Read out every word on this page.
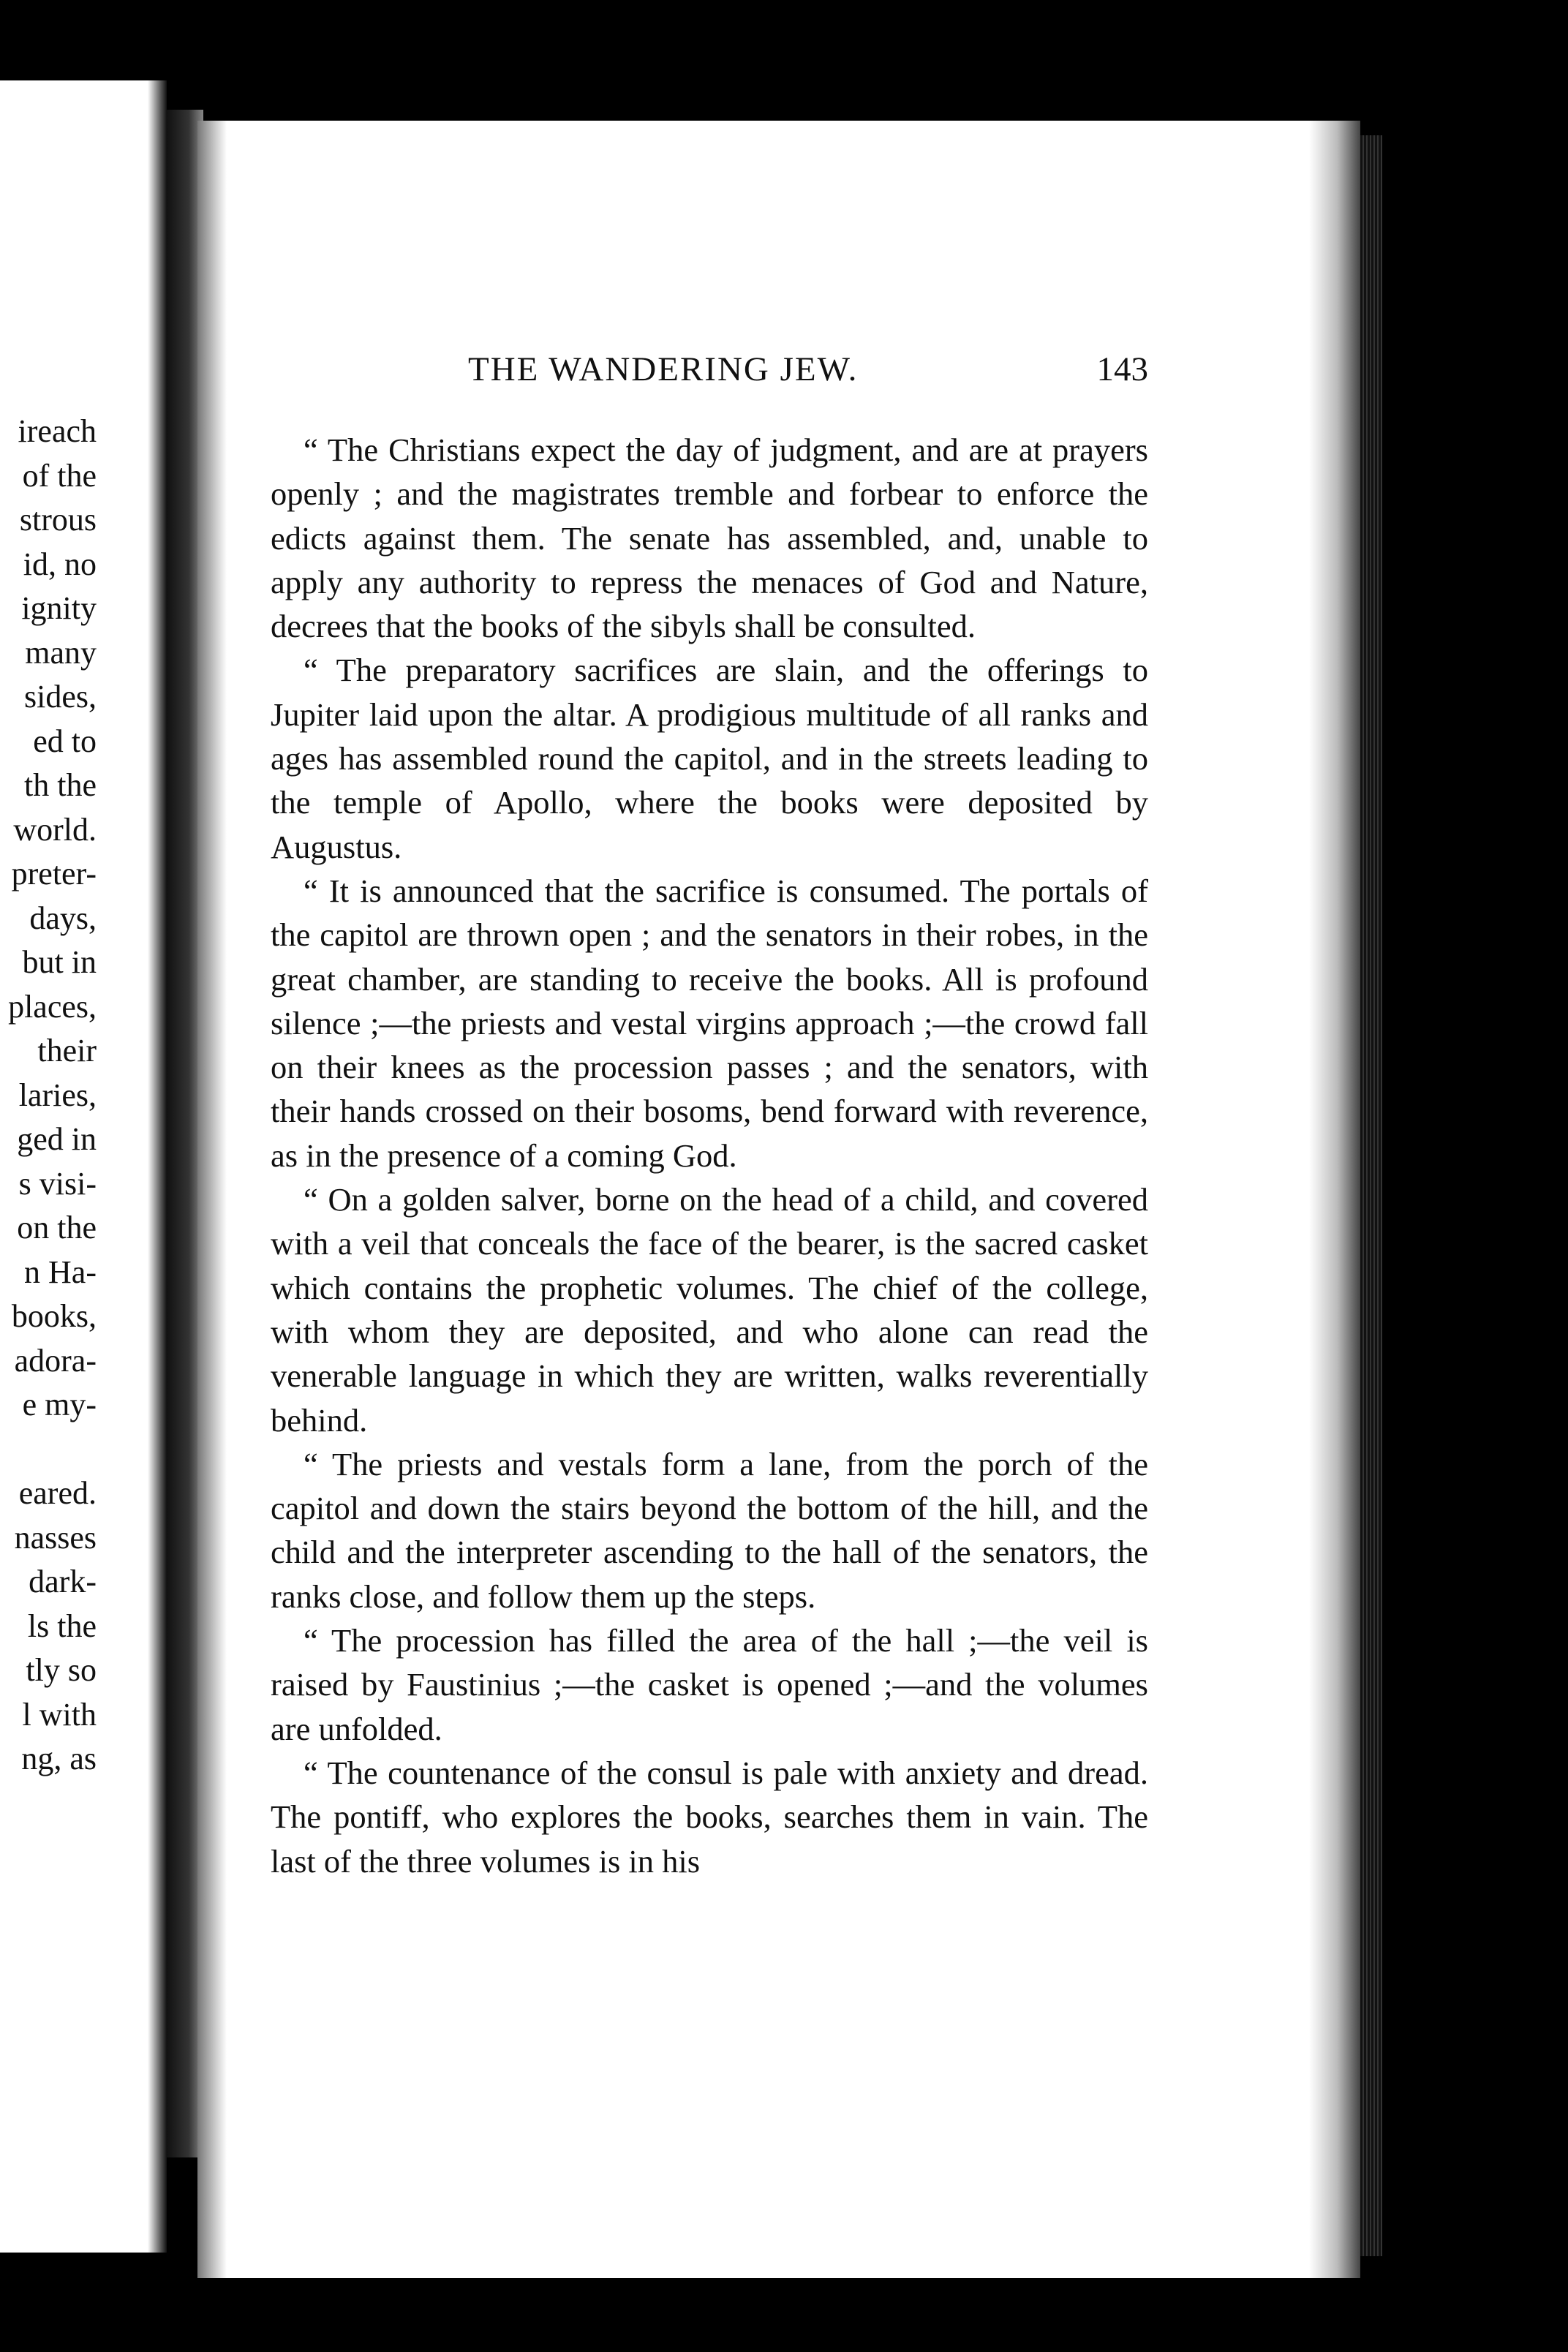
ireach
of the
strous
id, no
ignity
many
sides,
ed to
th the
world.
preter-
days,
but in
places,
their
laries,
ged in
s visi-
on the
n Ha-
books,
adora-
e my-
eared.
nasses
dark-
ls the
tly so
l with
ng, as
THE WANDERING JEW.	143

“ The Christians expect the day of judgment, and are at prayers openly ; and the magistrates tremble and forbear to enforce the edicts against them. The senate has assembled, and, unable to apply any authority to repress the menaces of God and Nature, decrees that the books of the sibyls shall be consulted.

“ The preparatory sacrifices are slain, and the offerings to Jupiter laid upon the altar. A prodigious multitude of all ranks and ages has assembled round the capitol, and in the streets leading to the temple of Apollo, where the books were deposited by Augustus.

“ It is announced that the sacrifice is consumed. The portals of the capitol are thrown open ; and the senators in their robes, in the great chamber, are standing to receive the books. All is profound silence ;—the priests and vestal virgins approach ;—the crowd fall on their knees as the procession passes ; and the senators, with their hands crossed on their bosoms, bend forward with reverence, as in the presence of a coming God.

“ On a golden salver, borne on the head of a child, and covered with a veil that conceals the face of the bearer, is the sacred casket which contains the prophetic volumes. The chief of the college, with whom they are deposited, and who alone can read the venerable language in which they are written, walks reverentially behind.

“ The priests and vestals form a lane, from the porch of the capitol and down the stairs beyond the bottom of the hill, and the child and the interpreter ascending to the hall of the senators, the ranks close, and follow them up the steps.

“ The procession has filled the area of the hall ;—the veil is raised by Faustinius ;—the casket is opened ;—and the volumes are unfolded.

“ The countenance of the consul is pale with anxiety and dread. The pontiff, who explores the books, searches them in vain. The last of the three volumes is in his
